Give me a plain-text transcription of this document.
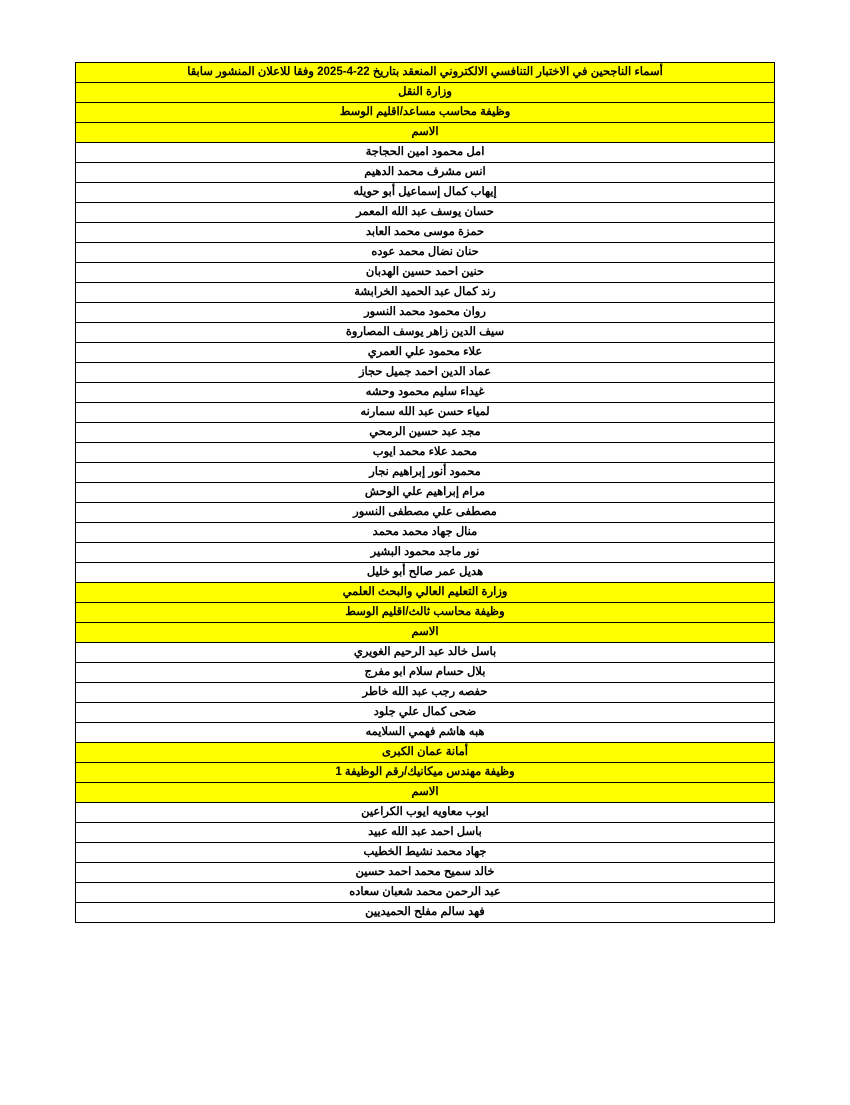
أسماء الناجحين في الاختبار التنافسي الالكتروني المنعقد بتاريخ 22-4-2025 وفقا للاعلان المنشور سابقا
وزارة النقل
وظيفة محاسب مساعد/اقليم الوسط
الاسم
امل محمود امين الحجاجة
انس مشرف محمد الدهيم
إيهاب كمال إسماعيل أبو حويله
حسان يوسف عبد الله المعمر
حمزة موسى محمد العابد
حنان نضال محمد عوده
حنين احمد حسين الهدبان
رند كمال عبد الحميد الخرابشة
روان محمود محمد النسور
سيف الدين زاهر يوسف المصاروة
علاء محمود علي العمري
عماد الدين احمد جميل حجاز
غيداء سليم محمود وحشه
لمياء حسن عبد الله سمارنه
مجد عبد حسين الرمحي
محمد علاء محمد ايوب
محمود أنور إبراهيم نجار
مرام إبراهيم علي الوحش
مصطفى علي مصطفى النسور
منال جهاد محمد محمد
نور ماجد محمود البشير
هديل عمر صالح أبو خليل
وزارة التعليم العالي والبحث العلمي
وظيفة محاسب ثالث/اقليم الوسط
الاسم
باسل خالد عبد الرحيم الغويري
بلال حسام سلام ابو مفرج
حفصه رجب عبد الله خاطر
ضحى كمال علي جلود
هبه هاشم فهمي السلايمه
أمانة عمان الكبرى
وظيفة مهندس ميكانيك/رقم الوظيفة 1
الاسم
ايوب معاويه ايوب الكراعين
باسل احمد عبد الله عبيد
جهاد محمد نشيط الخطيب
خالد سميح محمد احمد حسين
عبد الرحمن محمد شعبان سعاده
فهد سالم مفلح الحميديين
